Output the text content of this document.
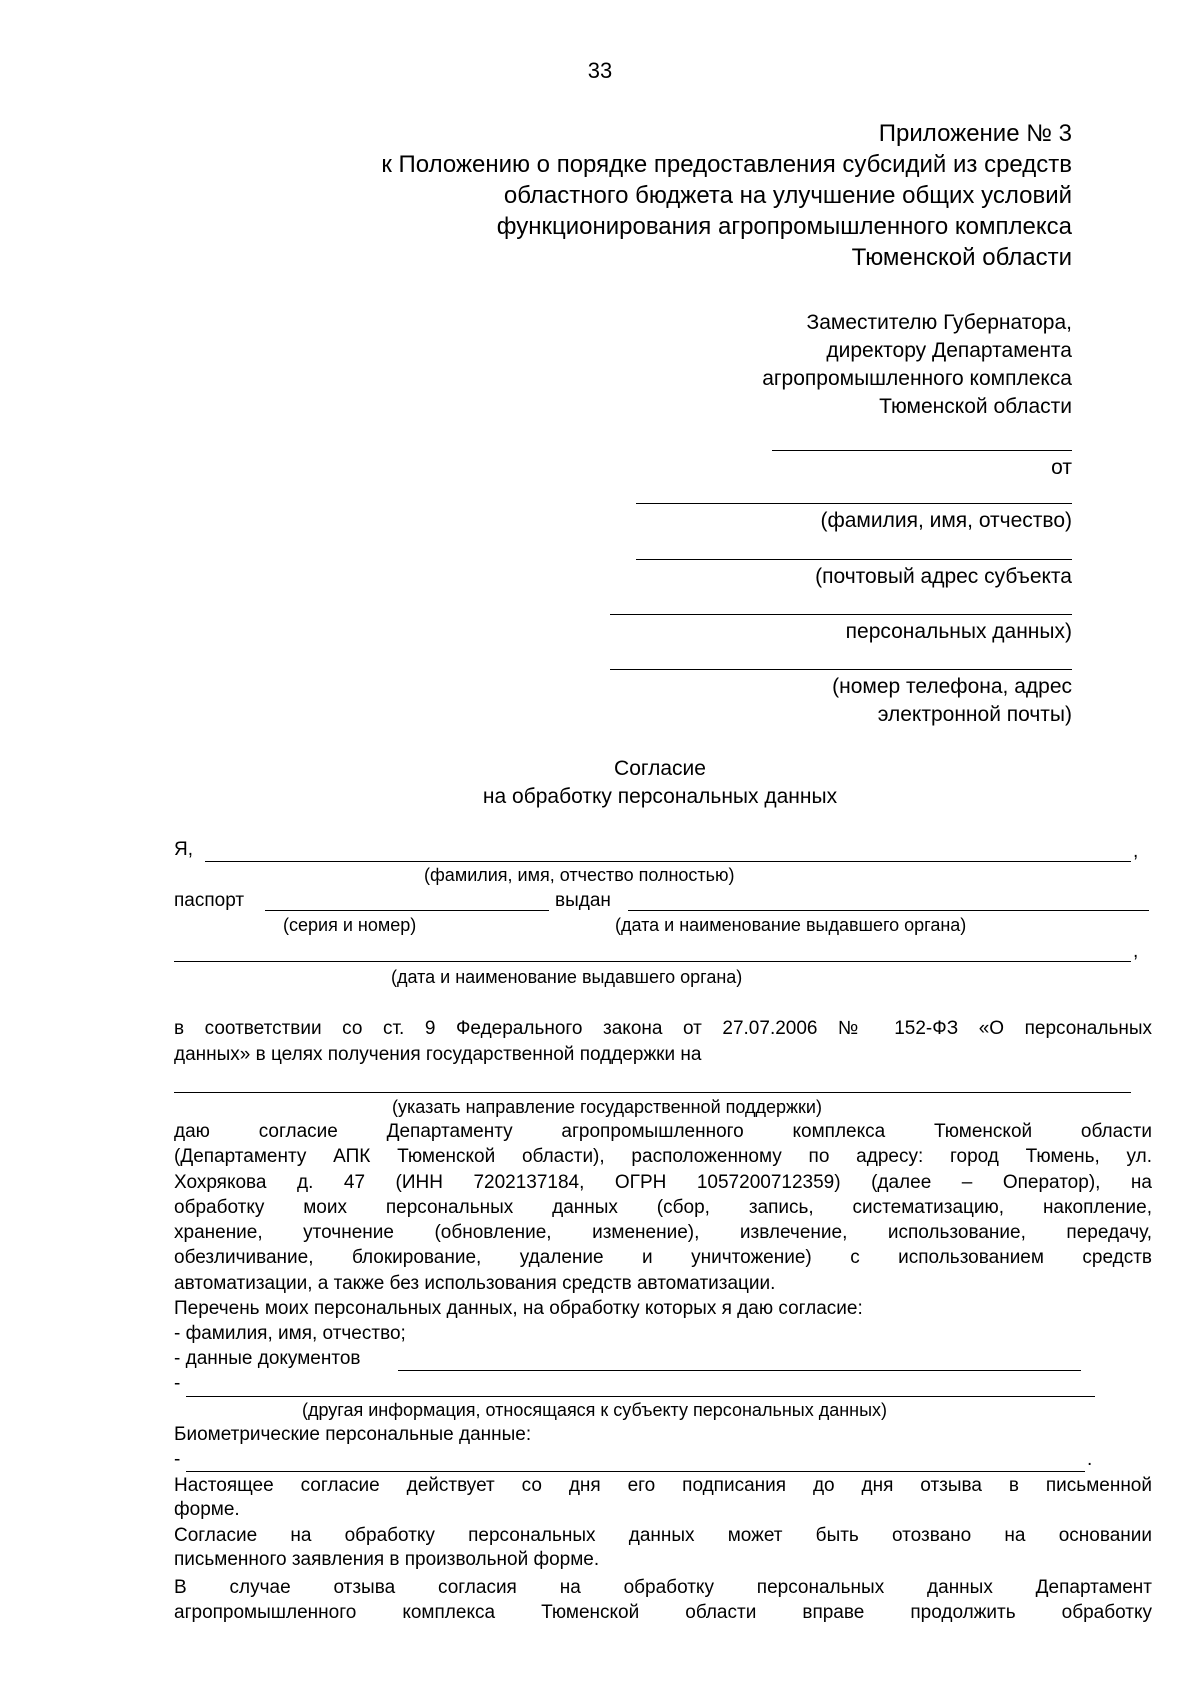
33
Приложение № 3
к Положению о порядке предоставления субсидий из средств
областного бюджета на улучшение общих условий
функционирования агропромышленного комплекса
Тюменской области
Заместителю Губернатора,
директору Департамента
агропромышленного комплекса
Тюменской области
от
(фамилия, имя, отчество)
(почтовый адрес субъекта
персональных данных)
(номер телефона, адрес
электронной почты)
Согласие
на обработку персональных данных
Я,	,
(фамилия, имя, отчество полностью)
паспорт	выдан
(серия и номер)	(дата и наименование выдавшего органа)
,
(дата и наименование выдавшего органа)
в соответствии со ст. 9 Федерального закона от 27.07.2006 № 152-ФЗ «О персональных
данных» в целях получения государственной поддержки на
(указать направление государственной поддержки)
даю согласие Департаменту агропромышленного комплекса Тюменской области
(Департаменту АПК Тюменской области), расположенному по адресу: город Тюмень, ул.
Хохрякова д. 47 (ИНН 7202137184, ОГРН 1057200712359) (далее – Оператор), на
обработку моих персональных данных (сбор, запись, систематизацию, накопление,
хранение, уточнение (обновление, изменение), извлечение, использование, передачу,
обезличивание, блокирование, удаление и уничтожение) с использованием средств
автоматизации, а также без использования средств автоматизации.
Перечень моих персональных данных, на обработку которых я даю согласие:
- фамилия, имя, отчество;
- данные документов
-
(другая информация, относящаяся к субъекту персональных данных)
Биометрические персональные данные:
-	.
Настоящее согласие действует со дня его подписания до дня отзыва в письменной
форме.
Согласие на обработку персональных данных может быть отозвано на основании
письменного заявления в произвольной форме.
В случае отзыва согласия на обработку персональных данных Департамент
агропромышленного комплекса Тюменской области вправе продолжить обработку
